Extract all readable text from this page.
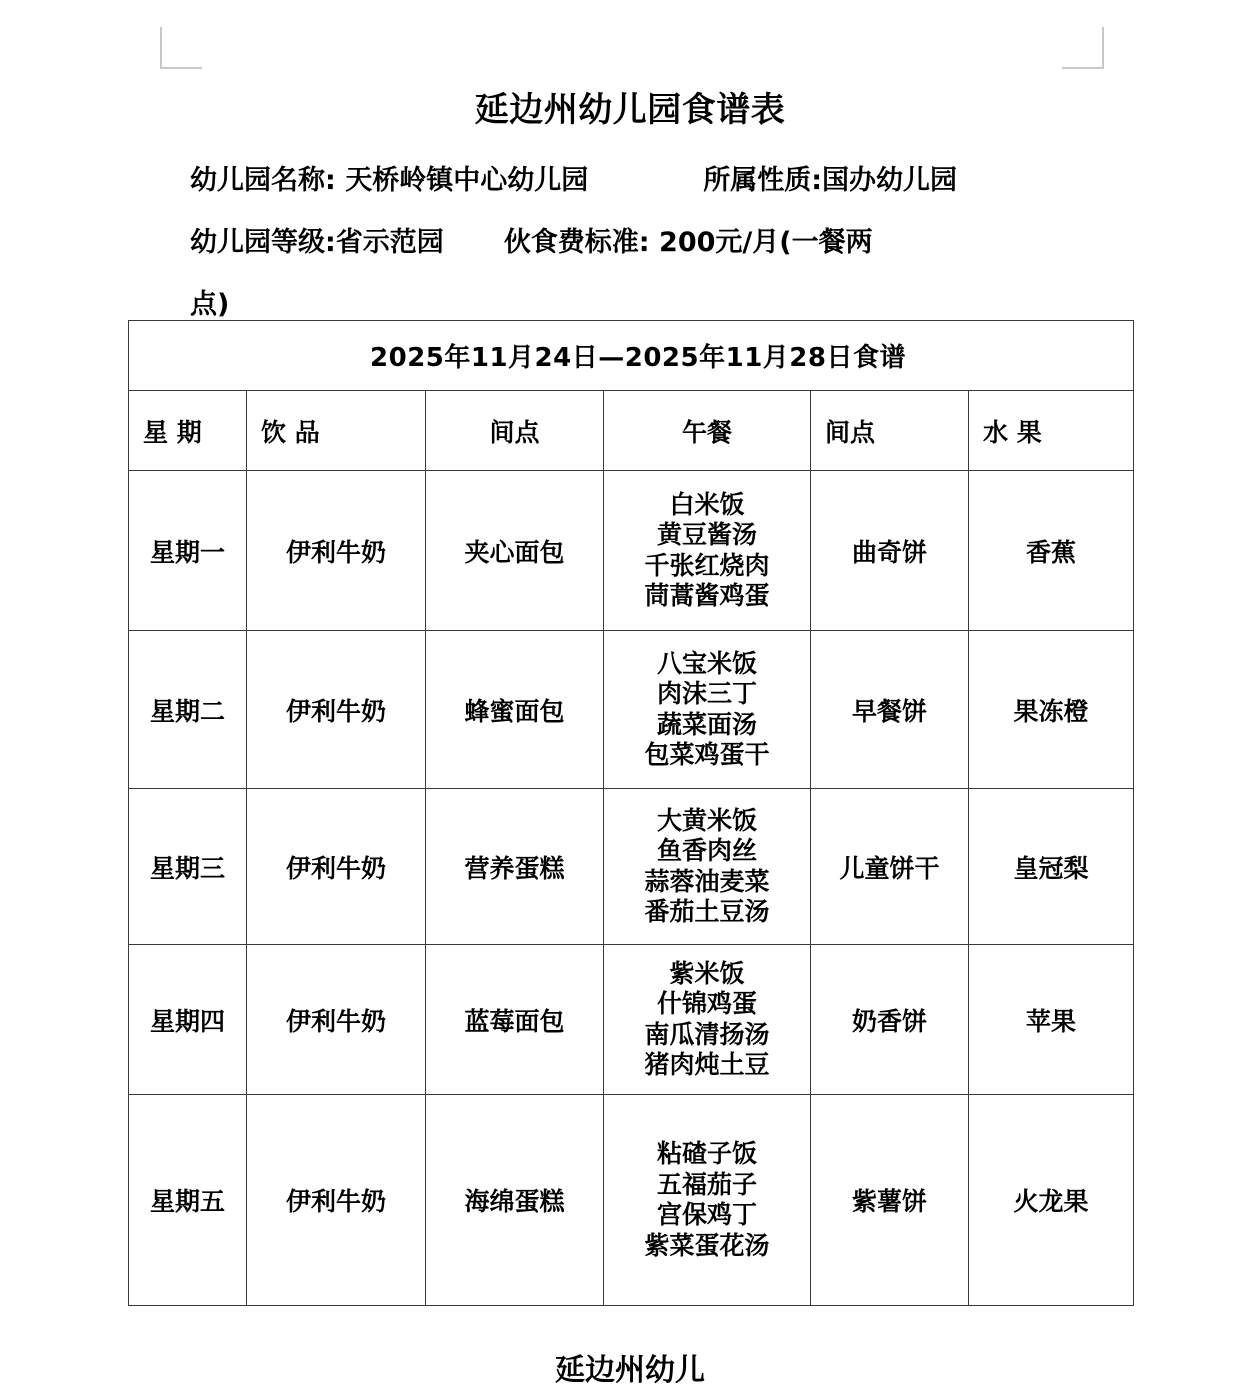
延边州幼儿园食谱表
幼儿园名称: 天桥岭镇中心幼儿园	所属性质:国办幼儿园
幼儿园等级:省示范园 伙食费标准: 200元/月(一餐两
点)
2025年11月24日—2025年11月28日食谱					
星 期	饮 品	间点	午餐	间点	水 果
星期一	伊利牛奶	夹心面包	白米饭
黄豆酱汤
千张红烧肉
茼蒿酱鸡蛋	曲奇饼	香蕉
星期二	伊利牛奶	蜂蜜面包	八宝米饭
肉沫三丁
蔬菜面汤
包菜鸡蛋干	早餐饼	果冻橙
星期三	伊利牛奶	营养蛋糕	大黄米饭
鱼香肉丝
蒜蓉油麦菜
番茄土豆汤	儿童饼干	皇冠梨
星期四	伊利牛奶	蓝莓面包	紫米饭
什锦鸡蛋
南瓜清扬汤
猪肉炖土豆	奶香饼	苹果
星期五	伊利牛奶	海绵蛋糕	粘碴子饭
五福茄子
宫保鸡丁
紫菜蛋花汤	紫薯饼	火龙果
延边州幼儿
